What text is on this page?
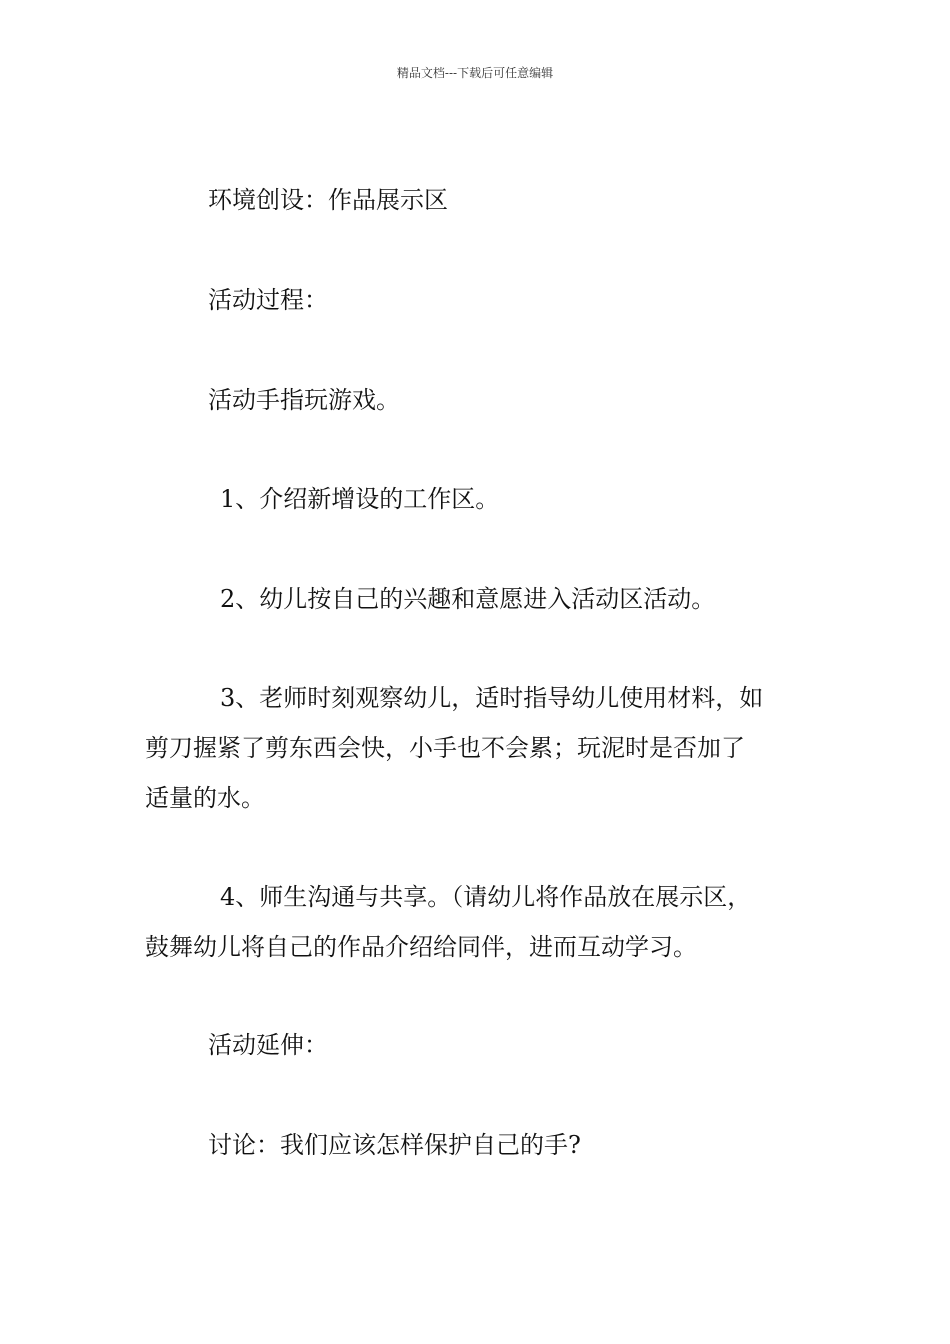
精品文档---下载后可任意编辑
环境创设：作品展示区
活动过程：
活动手指玩游戏。
1、介绍新增设的工作区。
2、幼儿按自己的兴趣和意愿进入活动区活动。
3、老师时刻观察幼儿，适时指导幼儿使用材料，如
剪刀握紧了剪东西会快，小手也不会累；玩泥时是否加了
适量的水。
4、师生沟通与共享。（请幼儿将作品放在展示区，
鼓舞幼儿将自己的作品介绍给同伴，进而互动学习。
活动延伸：
讨论：我们应该怎样保护自己的手?
